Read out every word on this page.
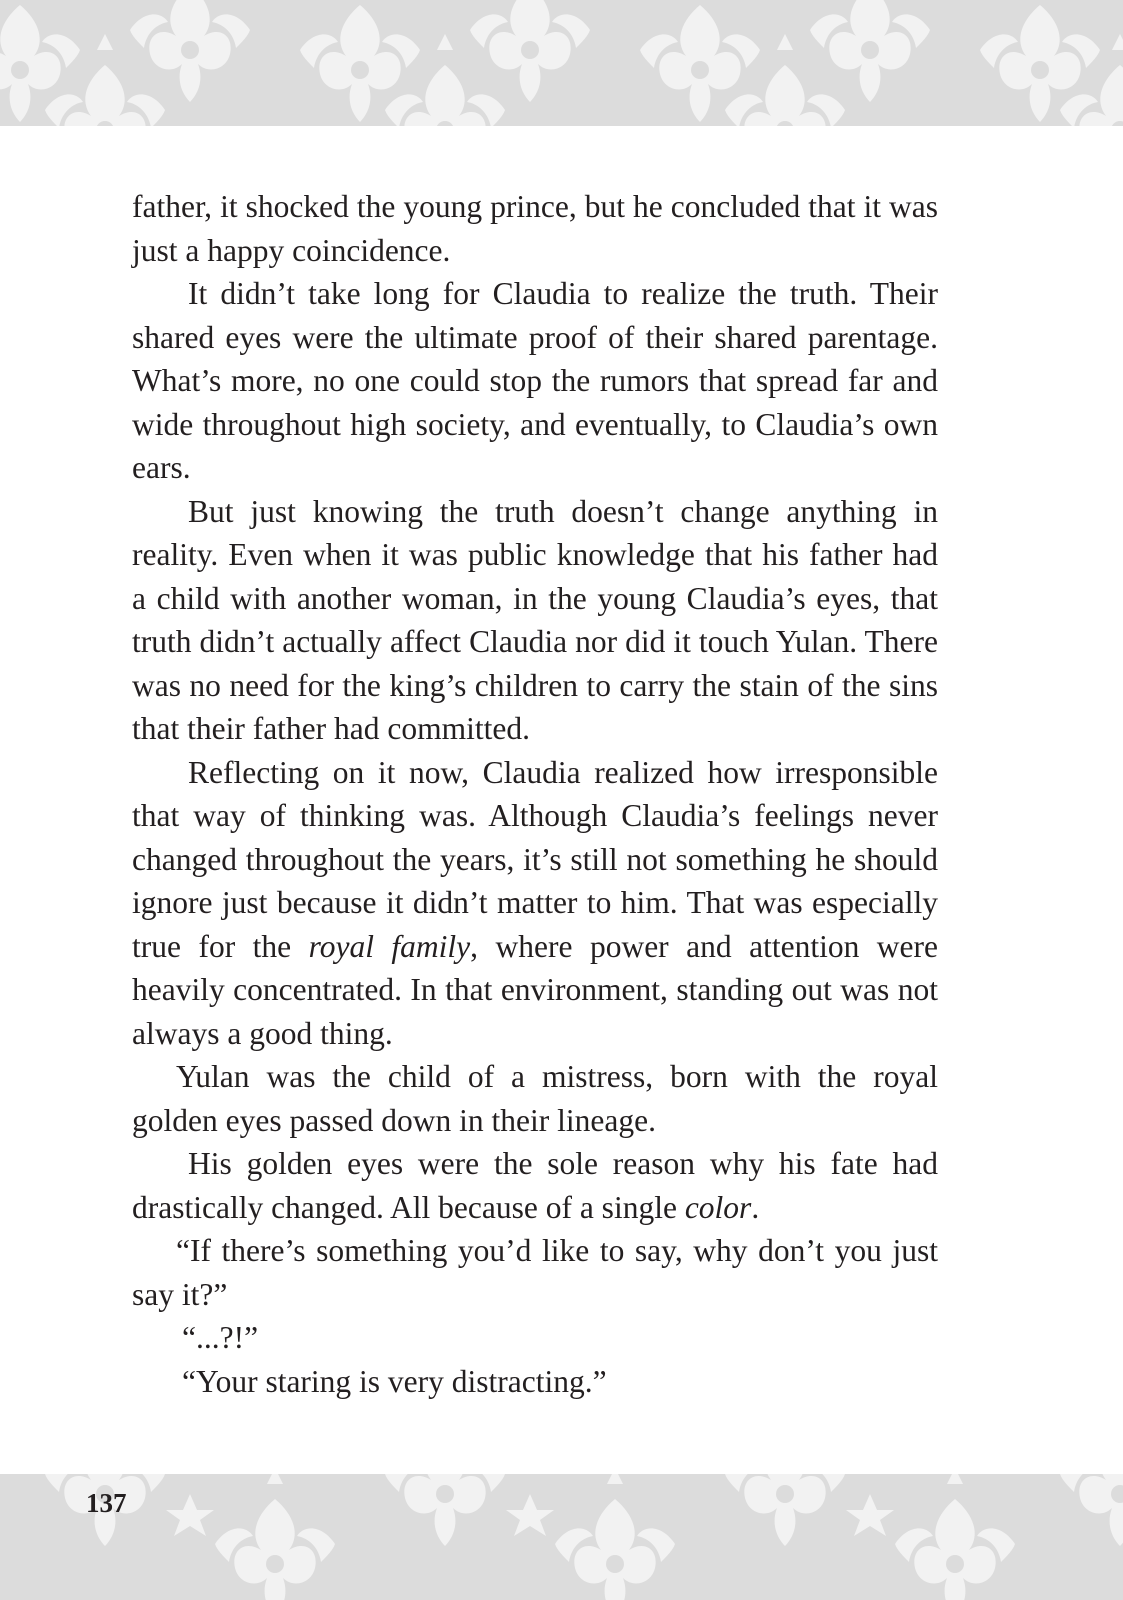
father, it shocked the young prince, but he concluded that it was just a happy coincidence.

It didn’t take long for Claudia to realize the truth. Their shared eyes were the ultimate proof of their shared parentage. What’s more, no one could stop the rumors that spread far and wide throughout high society, and eventually, to Claudia’s own ears.

But just knowing the truth doesn’t change anything in reality. Even when it was public knowledge that his father had a child with another woman, in the young Claudia’s eyes, that truth didn’t actually affect Claudia nor did it touch Yulan. There was no need for the king’s children to carry the stain of the sins that their father had committed.

Reflecting on it now, Claudia realized how irresponsible that way of thinking was. Although Claudia’s feelings never changed throughout the years, it’s still not something he should ignore just because it didn’t matter to him. That was especially true for the royal family, where power and attention were heavily concentrated. In that environment, standing out was not always a good thing.

Yulan was the child of a mistress, born with the royal golden eyes passed down in their lineage.

His golden eyes were the sole reason why his fate had drastically changed. All because of a single color.

“If there’s something you’d like to say, why don’t you just say it?”

“...?!”

“Your staring is very distracting.”

137
